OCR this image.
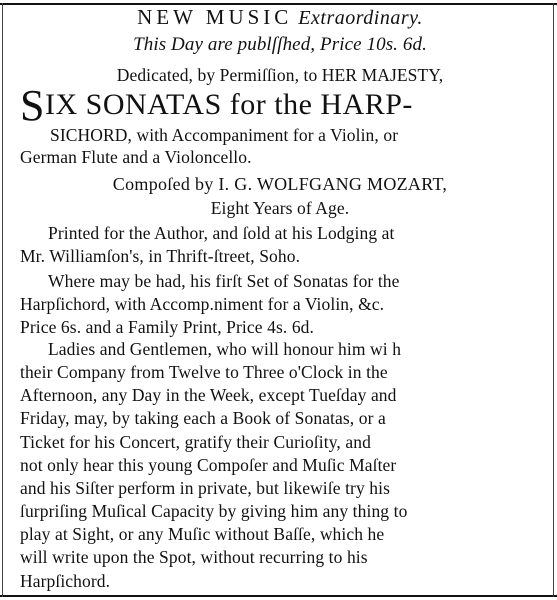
NEW MUSIC Extraordinary.
This Day are publſſhed, Price 10s. 6d.
Dedicated, by Permiſſion, to HER MAJESTY,
SIX SONATAS for the HARP-
SICHORD, with Accompaniment for a Violin, or
German Flute and a Violoncello.
Compoſed by I. G. WOLFGANG MOZART,
Eight Years of Age.
Printed for the Author, and ſold at his Lodging at
Mr. Williamſon's, in Thrift-ſtreet, Soho.
Where may be had, his firſt Set of Sonatas for the
Harpſichord, with Accomp.niment for a Violin, &c.
Price 6s. and a Family Print, Price 4s. 6d.
Ladies and Gentlemen, who will honour him wi h
their Company from Twelve to Three o'Clock in the
Afternoon, any Day in the Week, except Tueſday and
Friday, may, by taking each a Book of Sonatas, or a
Ticket for his Concert, gratify their Curioſity, and
not only hear this young Compoſer and Muſic Maſter
and his Siſter perform in private, but likewiſe try his
ſurpriſing Muſical Capacity by giving him any thing to
play at Sight, or any Muſic without Baſſe, which he
will write upon the Spot, without recurring to his
Harpſichord.
